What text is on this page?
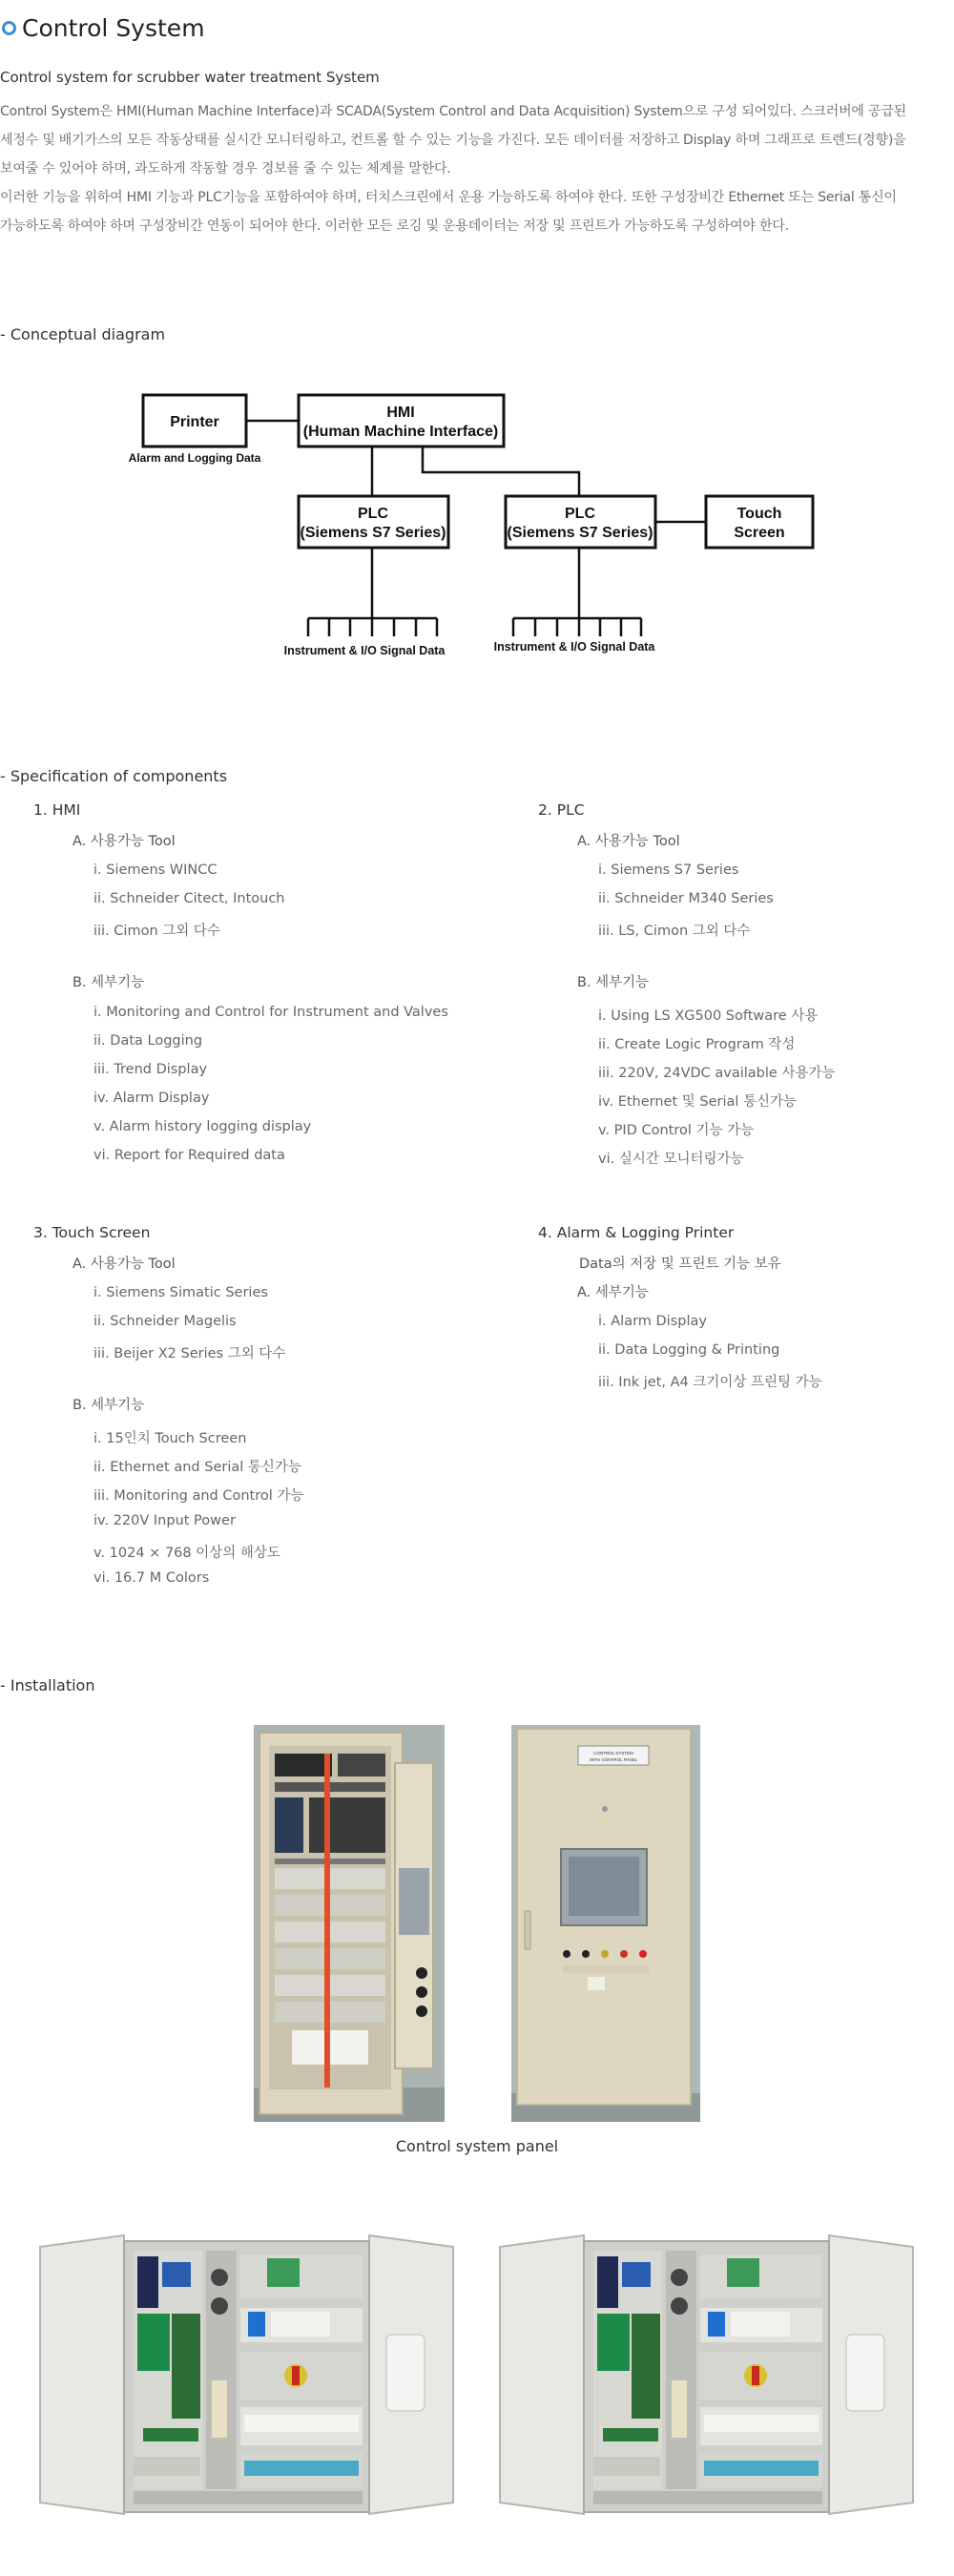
Control System
Control system for scrubber water treatment System

Control System은 HMI(Human Machine Interface)과 SCADA(System Control and Data Acquisition) System으로 구성 되어있다. 스크러버에 공급된

세정수 및 배기가스의 모든 작동상태를 실시간 모니터링하고, 컨트롤 할 수 있는 기능을 가진다. 모든 데이터를 저장하고 Display 하며 그래프로 트렌드(경향)을

보여줄 수 있어야 하며, 과도하게 작동할 경우 경보를 줄 수 있는 체계를 말한다.

이러한 기능을 위하여 HMI 기능과 PLC기능을 포함하여야 하며, 터치스크린에서 운용 가능하도록 하여야 한다. 또한 구성장비간 Ethernet 또는 Serial 통신이

가능하도록 하여야 하며 구성장비간 연동이 되어야 한다. 이러한 모든 로깅 및 운용데이터는 저장 및 프린트가 가능하도록 구성하여야 한다.

- Conceptual diagram
Printer
HMI
(Human Machine Interface)
PLC
(Siemens S7 Series)
PLC
(Siemens S7 Series)
Touch
Screen
Alarm and Logging Data
Instrument & I/O Signal Data	Instrument & I/O Signal Data
- Specification of components
1. HMI
A. 사용가능 Tool
i. Siemens WINCC
ii. Schneider Citect, Intouch
iii. Cimon 그외 다수
B. 세부기능
i. Monitoring and Control for Instrument and Valves
ii. Data Logging
iii. Trend Display
iv. Alarm Display
v. Alarm history logging display
vi. Report for Required data
2. PLC
A. 사용가능 Tool
i. Siemens S7 Series
ii. Schneider M340 Series
iii. LS, Cimon 그외 다수
B. 세부기능
i. Using LS XG500 Software 사용
ii. Create Logic Program 작성
iii. 220V, 24VDC available 사용가능
iv. Ethernet 및 Serial 통신가능
v. PID Control 기능 가능
vi. 실시간 모니터링가능
3. Touch Screen
A. 사용가능 Tool
i. Siemens Simatic Series
ii. Schneider Magelis
iii. Beijer X2 Series 그외 다수
B. 세부기능
i. 15인치 Touch Screen
ii. Ethernet and Serial 통신가능
iii. Monitoring and Control 가능
iv. 220V Input Power
v. 1024 × 768 이상의 해상도
vi. 16.7 M Colors
4. Alarm & Logging Printer
Data의 저장 및 프린트 기능 보유
A. 세부기능
i. Alarm Display
ii. Data Logging & Printing
iii. Ink jet, A4 크기이상 프린팅 가능
- Installation
CONTROL SYSTEM
WITH CONTROL PANEL
Control system panel
